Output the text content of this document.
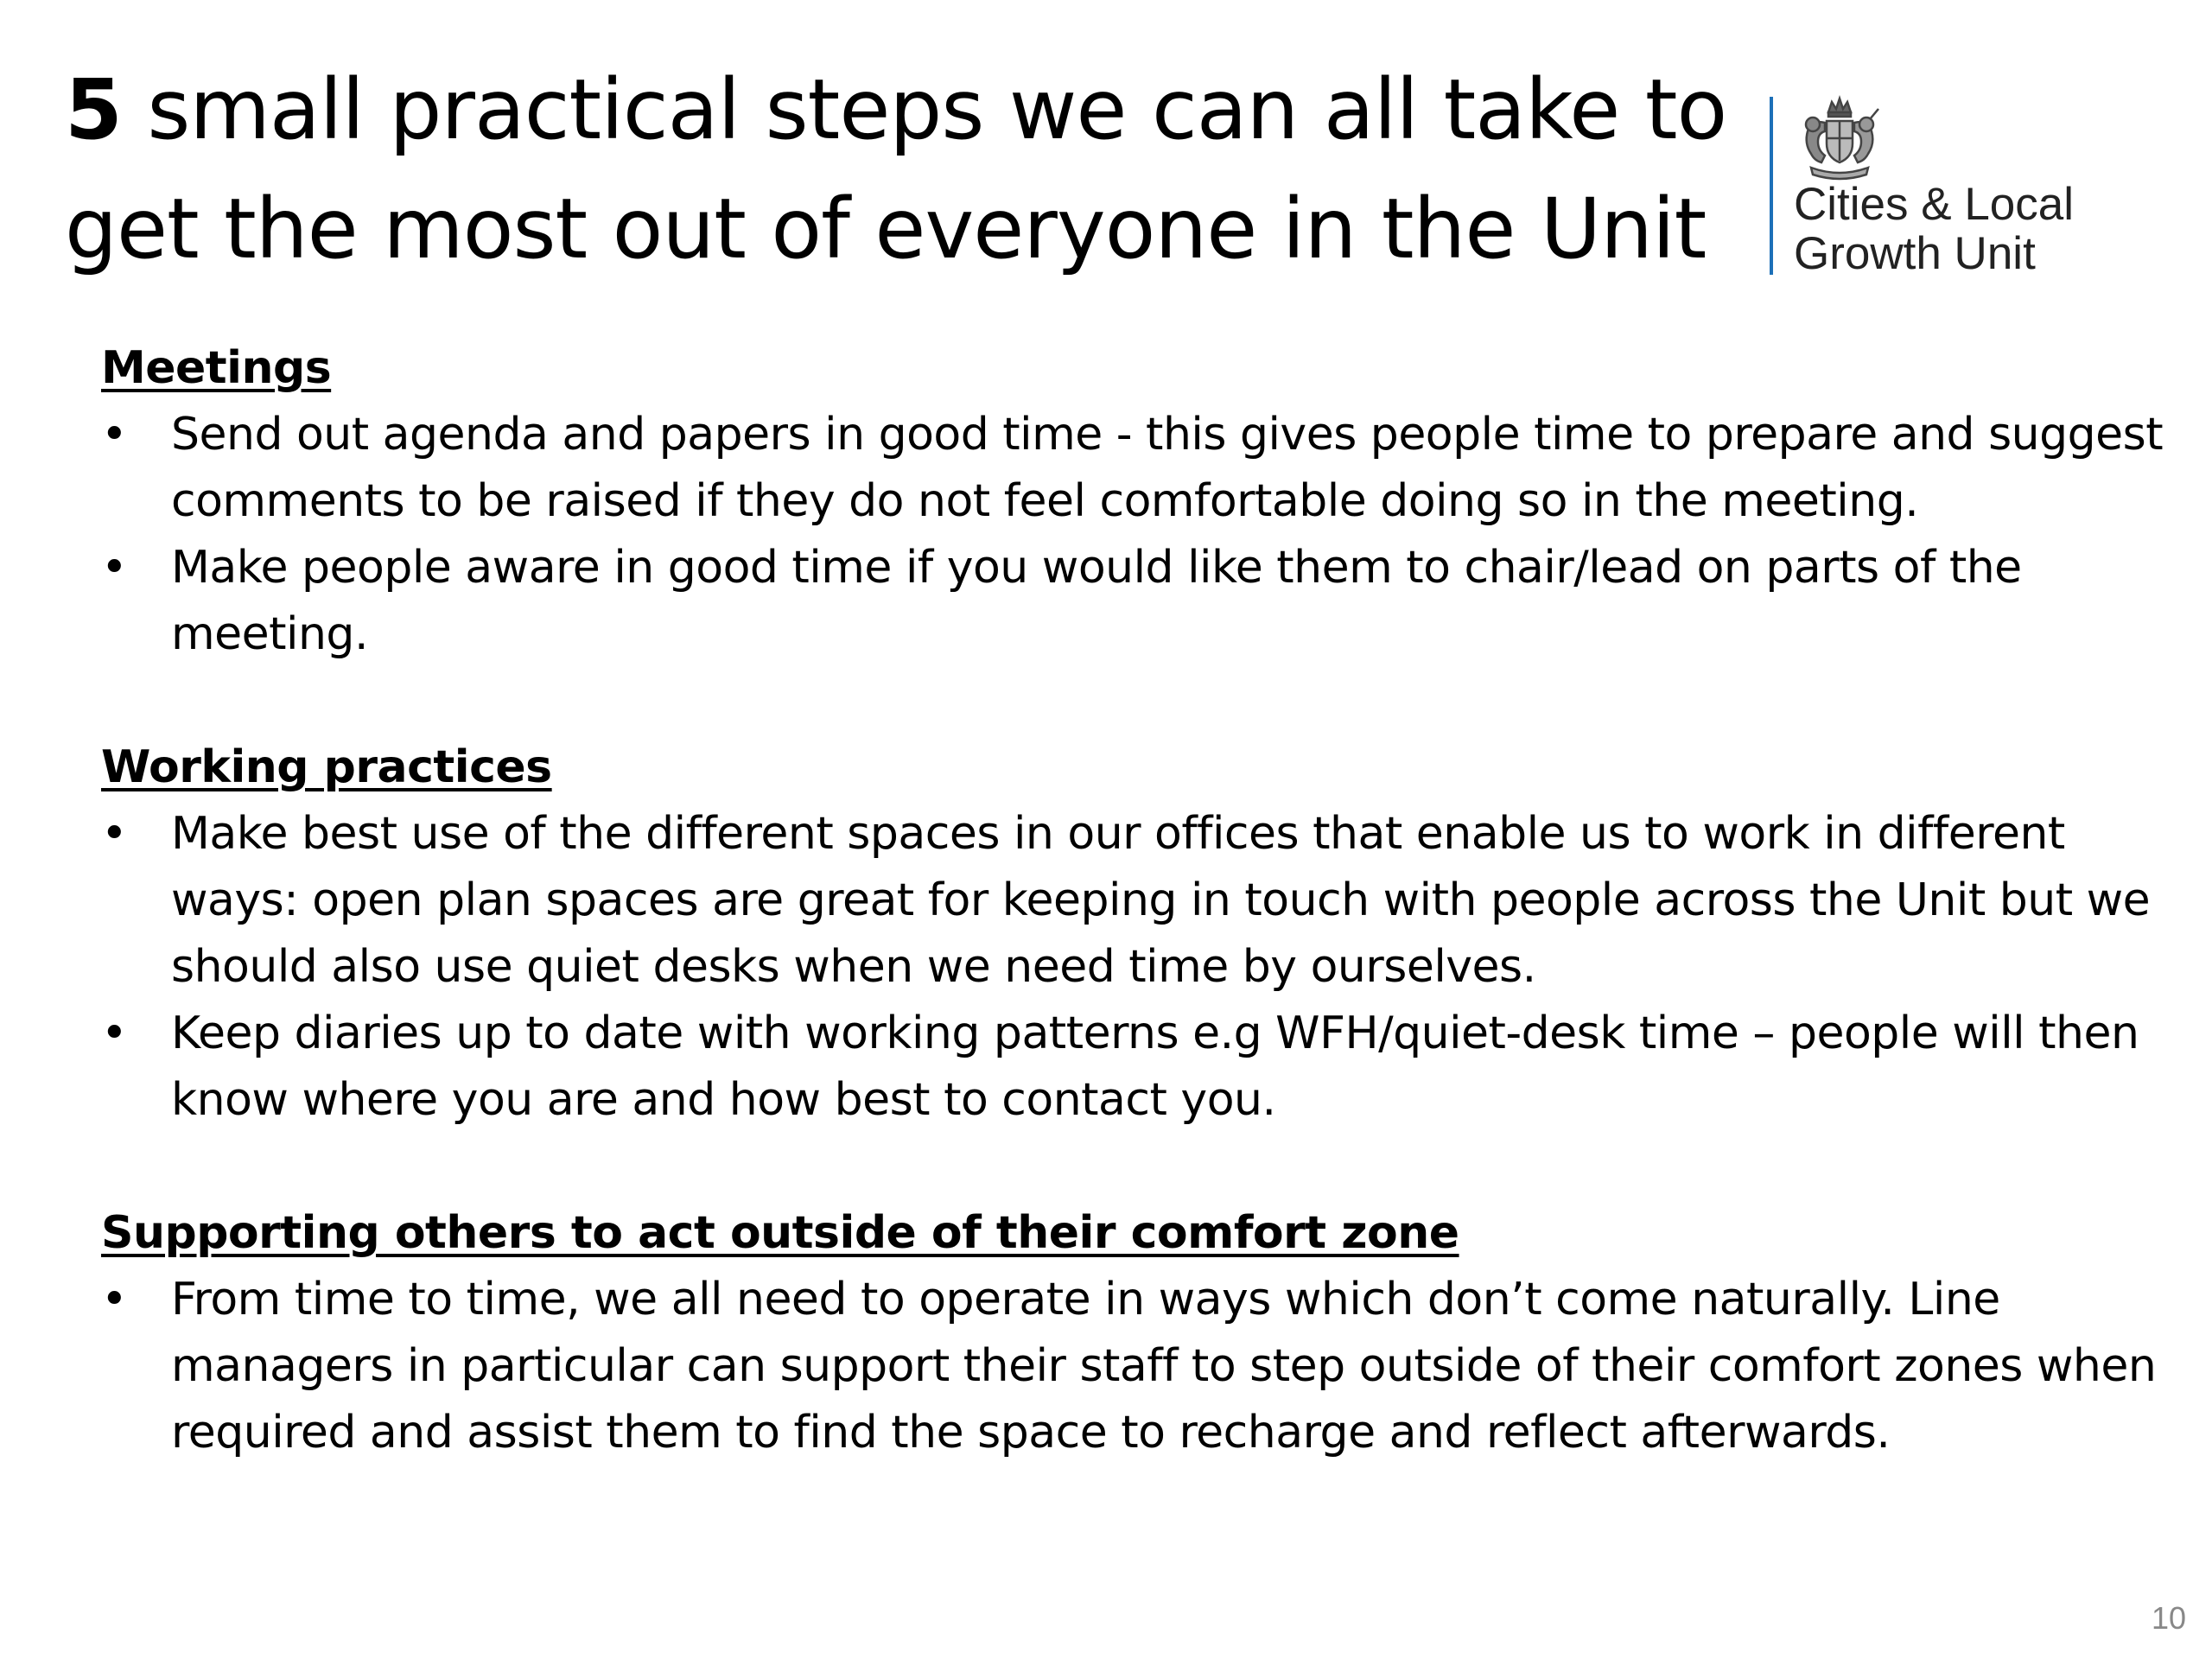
5 small practical steps we can all take to get the most out of everyone in the Unit	Cities & Local
Growth Unit

Meetings

• Send out agenda and papers in good time - this gives people time to prepare and suggest comments to be raised if they do not feel comfortable doing so in the meeting.
• Make people aware in good time if you would like them to chair/lead on parts of the meeting.

Working practices

• Make best use of the different spaces in our offices that enable us to work in different ways: open plan spaces are great for keeping in touch with people across the Unit but we should also use quiet desks when we need time by ourselves.
• Keep diaries up to date with working patterns e.g WFH/quiet-desk time – people will then know where you are and how best to contact you.

Supporting others to act outside of their comfort zone

• From time to time, we all need to operate in ways which don’t come naturally. Line managers in particular can support their staff to step outside of their comfort zones when required and assist them to find the space to recharge and reflect afterwards.
10
